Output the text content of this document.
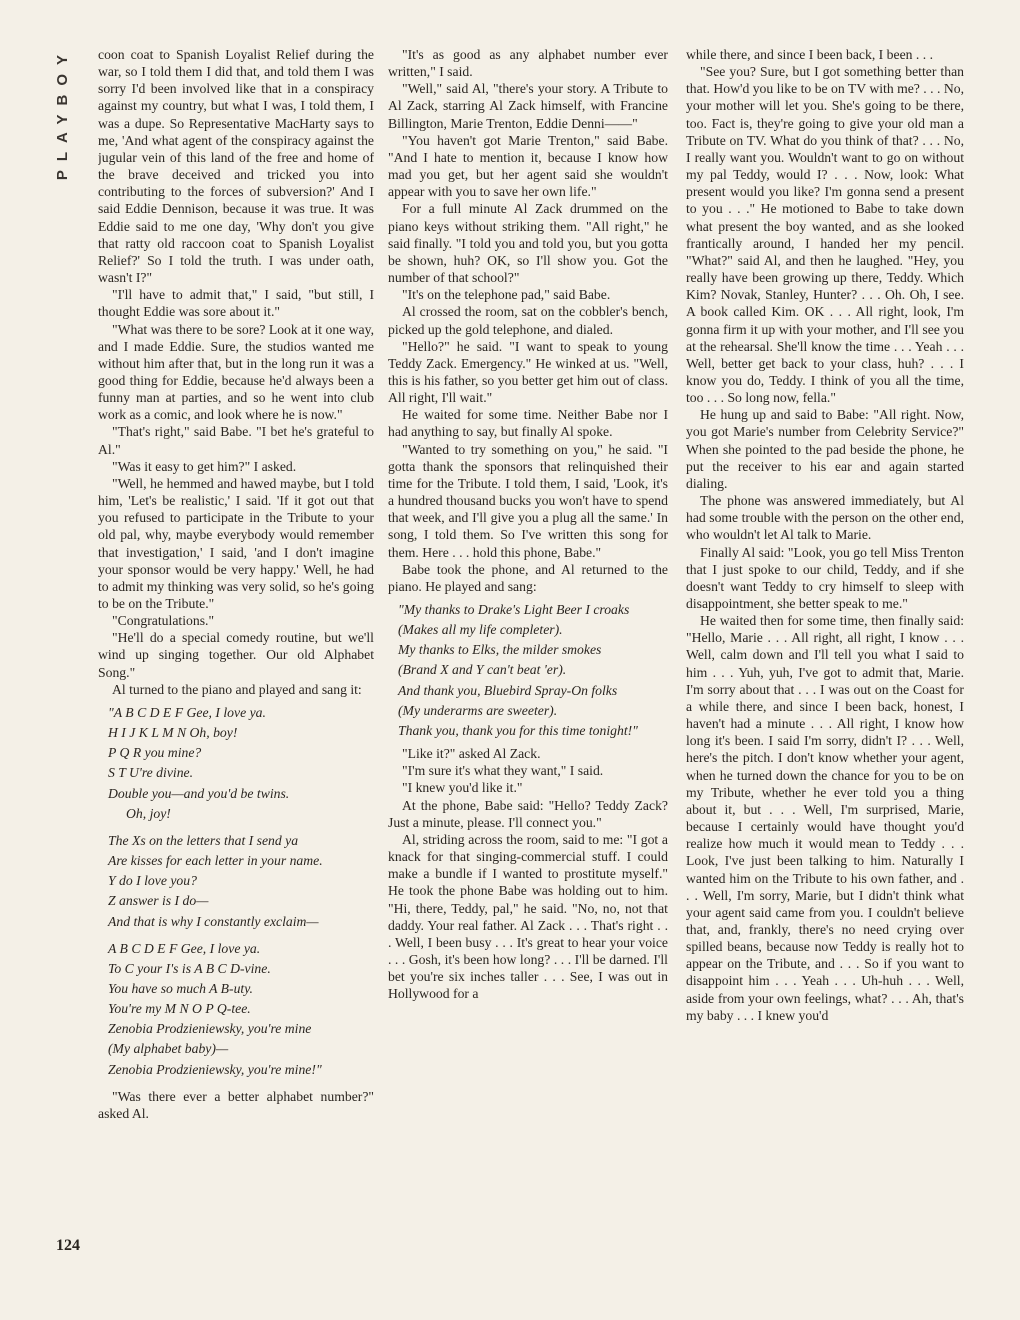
PLAYBOY
124

coon coat to Spanish Loyalist Relief during the war, so I told them I did that, and told them I was sorry I'd been involved like that in a conspiracy against my country, but what I was, I told them, I was a dupe. So Representative MacHarty says to me, 'And what agent of the conspiracy against the jugular vein of this land of the free and home of the brave deceived and tricked you into contributing to the forces of subversion?' And I said Eddie Dennison, because it was true. It was Eddie said to me one day, 'Why don't you give that ratty old raccoon coat to Spanish Loyalist Relief?' So I told the truth. I was under oath, wasn't I?"

"I'll have to admit that," I said, "but still, I thought Eddie was sore about it."

"What was there to be sore? Look at it one way, and I made Eddie. Sure, the studios wanted me without him after that, but in the long run it was a good thing for Eddie, because he'd always been a funny man at parties, and so he went into club work as a comic, and look where he is now."

"That's right," said Babe. "I bet he's grateful to Al."

"Was it easy to get him?" I asked.

"Well, he hemmed and hawed maybe, but I told him, 'Let's be realistic,' I said. 'If it got out that you refused to participate in the Tribute to your old pal, why, maybe everybody would remember that investigation,' I said, 'and I don't imagine your sponsor would be very happy.' Well, he had to admit my thinking was very solid, so he's going to be on the Tribute."

"Congratulations."

"He'll do a special comedy routine, but we'll wind up singing together. Our old Alphabet Song."

Al turned to the piano and played and sang it:

"A B C D E F Gee, I love ya.
H I J K L M N Oh, boy!
P Q R you mine?
S T U're divine.
Double you—and you'd be twins.
Oh, joy!
The Xs on the letters that I send ya
Are kisses for each letter in your name.
Y do I love you?
Z answer is I do—
And that is why I constantly exclaim—
A B C D E F Gee, I love ya.
To C your I's is A B C D-vine.
You have so much A B-uty.
You're my M N O P Q-tee.
Zenobia Prodzieniewsky, you're mine
(My alphabet baby)—
Zenobia Prodzieniewsky, you're mine!"

"Was there ever a better alphabet number?" asked Al.

"It's as good as any alphabet number ever written," I said.

"Well," said Al, "there's your story. A Tribute to Al Zack, starring Al Zack himself, with Francine Billington, Marie Trenton, Eddie Denni——"

"You haven't got Marie Trenton," said Babe. "And I hate to mention it, because I know how mad you get, but her agent said she wouldn't appear with you to save her own life."

For a full minute Al Zack drummed on the piano keys without striking them. "All right," he said finally. "I told you and told you, but you gotta be shown, huh? OK, so I'll show you. Got the number of that school?"

"It's on the telephone pad," said Babe.

Al crossed the room, sat on the cobbler's bench, picked up the gold telephone, and dialed.

"Hello?" he said. "I want to speak to young Teddy Zack. Emergency." He winked at us. "Well, this is his father, so you better get him out of class. All right, I'll wait."

He waited for some time. Neither Babe nor I had anything to say, but finally Al spoke.

"Wanted to try something on you," he said. "I gotta thank the sponsors that relinquished their time for the Tribute. I told them, I said, 'Look, it's a hundred thousand bucks you won't have to spend that week, and I'll give you a plug all the same.' In song, I told them. So I've written this song for them. Here . . . hold this phone, Babe."

Babe took the phone, and Al returned to the piano. He played and sang:

"My thanks to Drake's Light Beer I croaks
(Makes all my life completer).
My thanks to Elks, the milder smokes
(Brand X and Y can't beat 'er).
And thank you, Bluebird Spray-On folks
(My underarms are sweeter).
Thank you, thank you for this time tonight!"

"Like it?" asked Al Zack.

"I'm sure it's what they want," I said.

"I knew you'd like it."

At the phone, Babe said: "Hello? Teddy Zack? Just a minute, please. I'll connect you."

Al, striding across the room, said to me: "I got a knack for that singing-commercial stuff. I could make a bundle if I wanted to prostitute myself." He took the phone Babe was holding out to him. "Hi, there, Teddy, pal," he said. "No, no, not that daddy. Your real father. Al Zack . . . That's right . . . Well, I been busy . . . It's great to hear your voice . . . Gosh, it's been how long? . . . I'll be darned. I'll bet you're six inches taller . . . See, I was out in Hollywood for a

while there, and since I been back, I been . . .

"See you? Sure, but I got something better than that. How'd you like to be on TV with me? . . . No, your mother will let you. She's going to be there, too. Fact is, they're going to give your old man a Tribute on TV. What do you think of that? . . . No, I really want you. Wouldn't want to go on without my pal Teddy, would I? . . . Now, look: What present would you like? I'm gonna send a present to you . . ." He motioned to Babe to take down what present the boy wanted, and as she looked frantically around, I handed her my pencil. "What?" said Al, and then he laughed. "Hey, you really have been growing up there, Teddy. Which Kim? Novak, Stanley, Hunter? . . . Oh. Oh, I see. A book called Kim. OK . . . All right, look, I'm gonna firm it up with your mother, and I'll see you at the rehearsal. She'll know the time . . . Yeah . . . Well, better get back to your class, huh? . . . I know you do, Teddy. I think of you all the time, too . . . So long now, fella."

He hung up and said to Babe: "All right. Now, you got Marie's number from Celebrity Service?" When she pointed to the pad beside the phone, he put the receiver to his ear and again started dialing.

The phone was answered immediately, but Al had some trouble with the person on the other end, who wouldn't let Al talk to Marie.

Finally Al said: "Look, you go tell Miss Trenton that I just spoke to our child, Teddy, and if she doesn't want Teddy to cry himself to sleep with disappointment, she better speak to me."

He waited then for some time, then finally said: "Hello, Marie . . . All right, all right, I know . . . Well, calm down and I'll tell you what I said to him . . . Yuh, yuh, I've got to admit that, Marie. I'm sorry about that . . . I was out on the Coast for a while there, and since I been back, honest, I haven't had a minute . . . All right, I know how long it's been. I said I'm sorry, didn't I? . . . Well, here's the pitch. I don't know whether your agent, when he turned down the chance for you to be on my Tribute, whether he ever told you a thing about it, but . . . Well, I'm surprised, Marie, because I certainly would have thought you'd realize how much it would mean to Teddy . . . Look, I've just been talking to him. Naturally I wanted him on the Tribute to his own father, and . . . Well, I'm sorry, Marie, but I didn't think what your agent said came from you. I couldn't believe that, and, frankly, there's no need crying over spilled beans, because now Teddy is really hot to appear on the Tribute, and . . . So if you want to disappoint him . . . Yeah . . . Uh-huh . . . Well, aside from your own feelings, what? . . . Ah, that's my baby . . . I knew you'd
